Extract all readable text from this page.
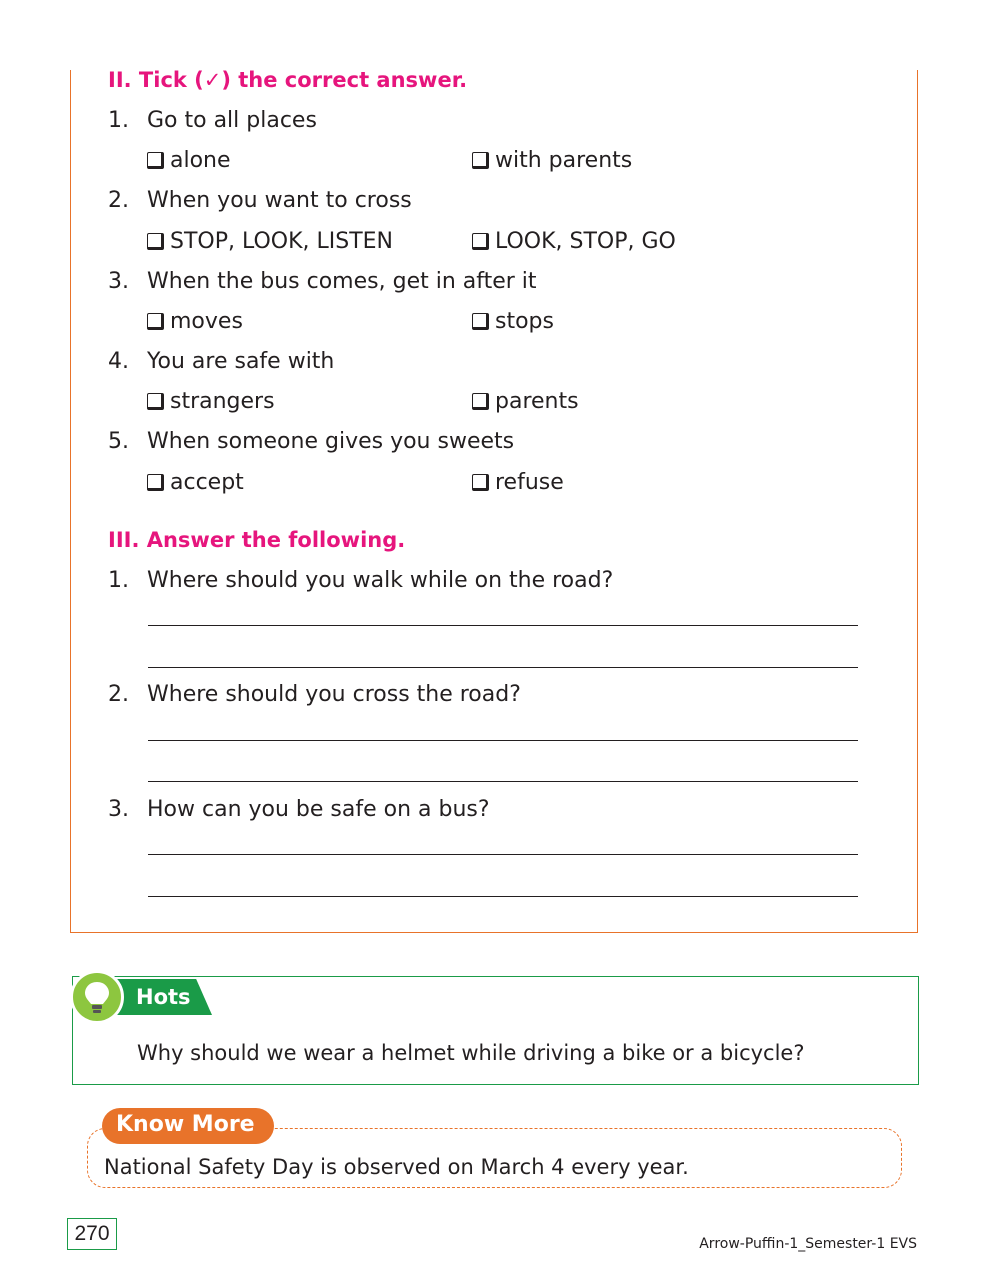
II. Tick (✓) the correct answer.
1. Go to all places
alone	with parents
2. When you want to cross
STOP, LOOK, LISTEN	LOOK, STOP, GO
3. When the bus comes, get in after it
moves	stops
4. You are safe with
strangers	parents
5. When someone gives you sweets
accept	refuse
III. Answer the following.
1. Where should you walk while on the road?
2. Where should you cross the road?
3. How can you be safe on a bus?
Hots
Why should we wear a helmet while driving a bike or a bicycle?
Know More
National Safety Day is observed on March 4 every year.
270	Arrow-Puffin-1_Semester-1 EVS
